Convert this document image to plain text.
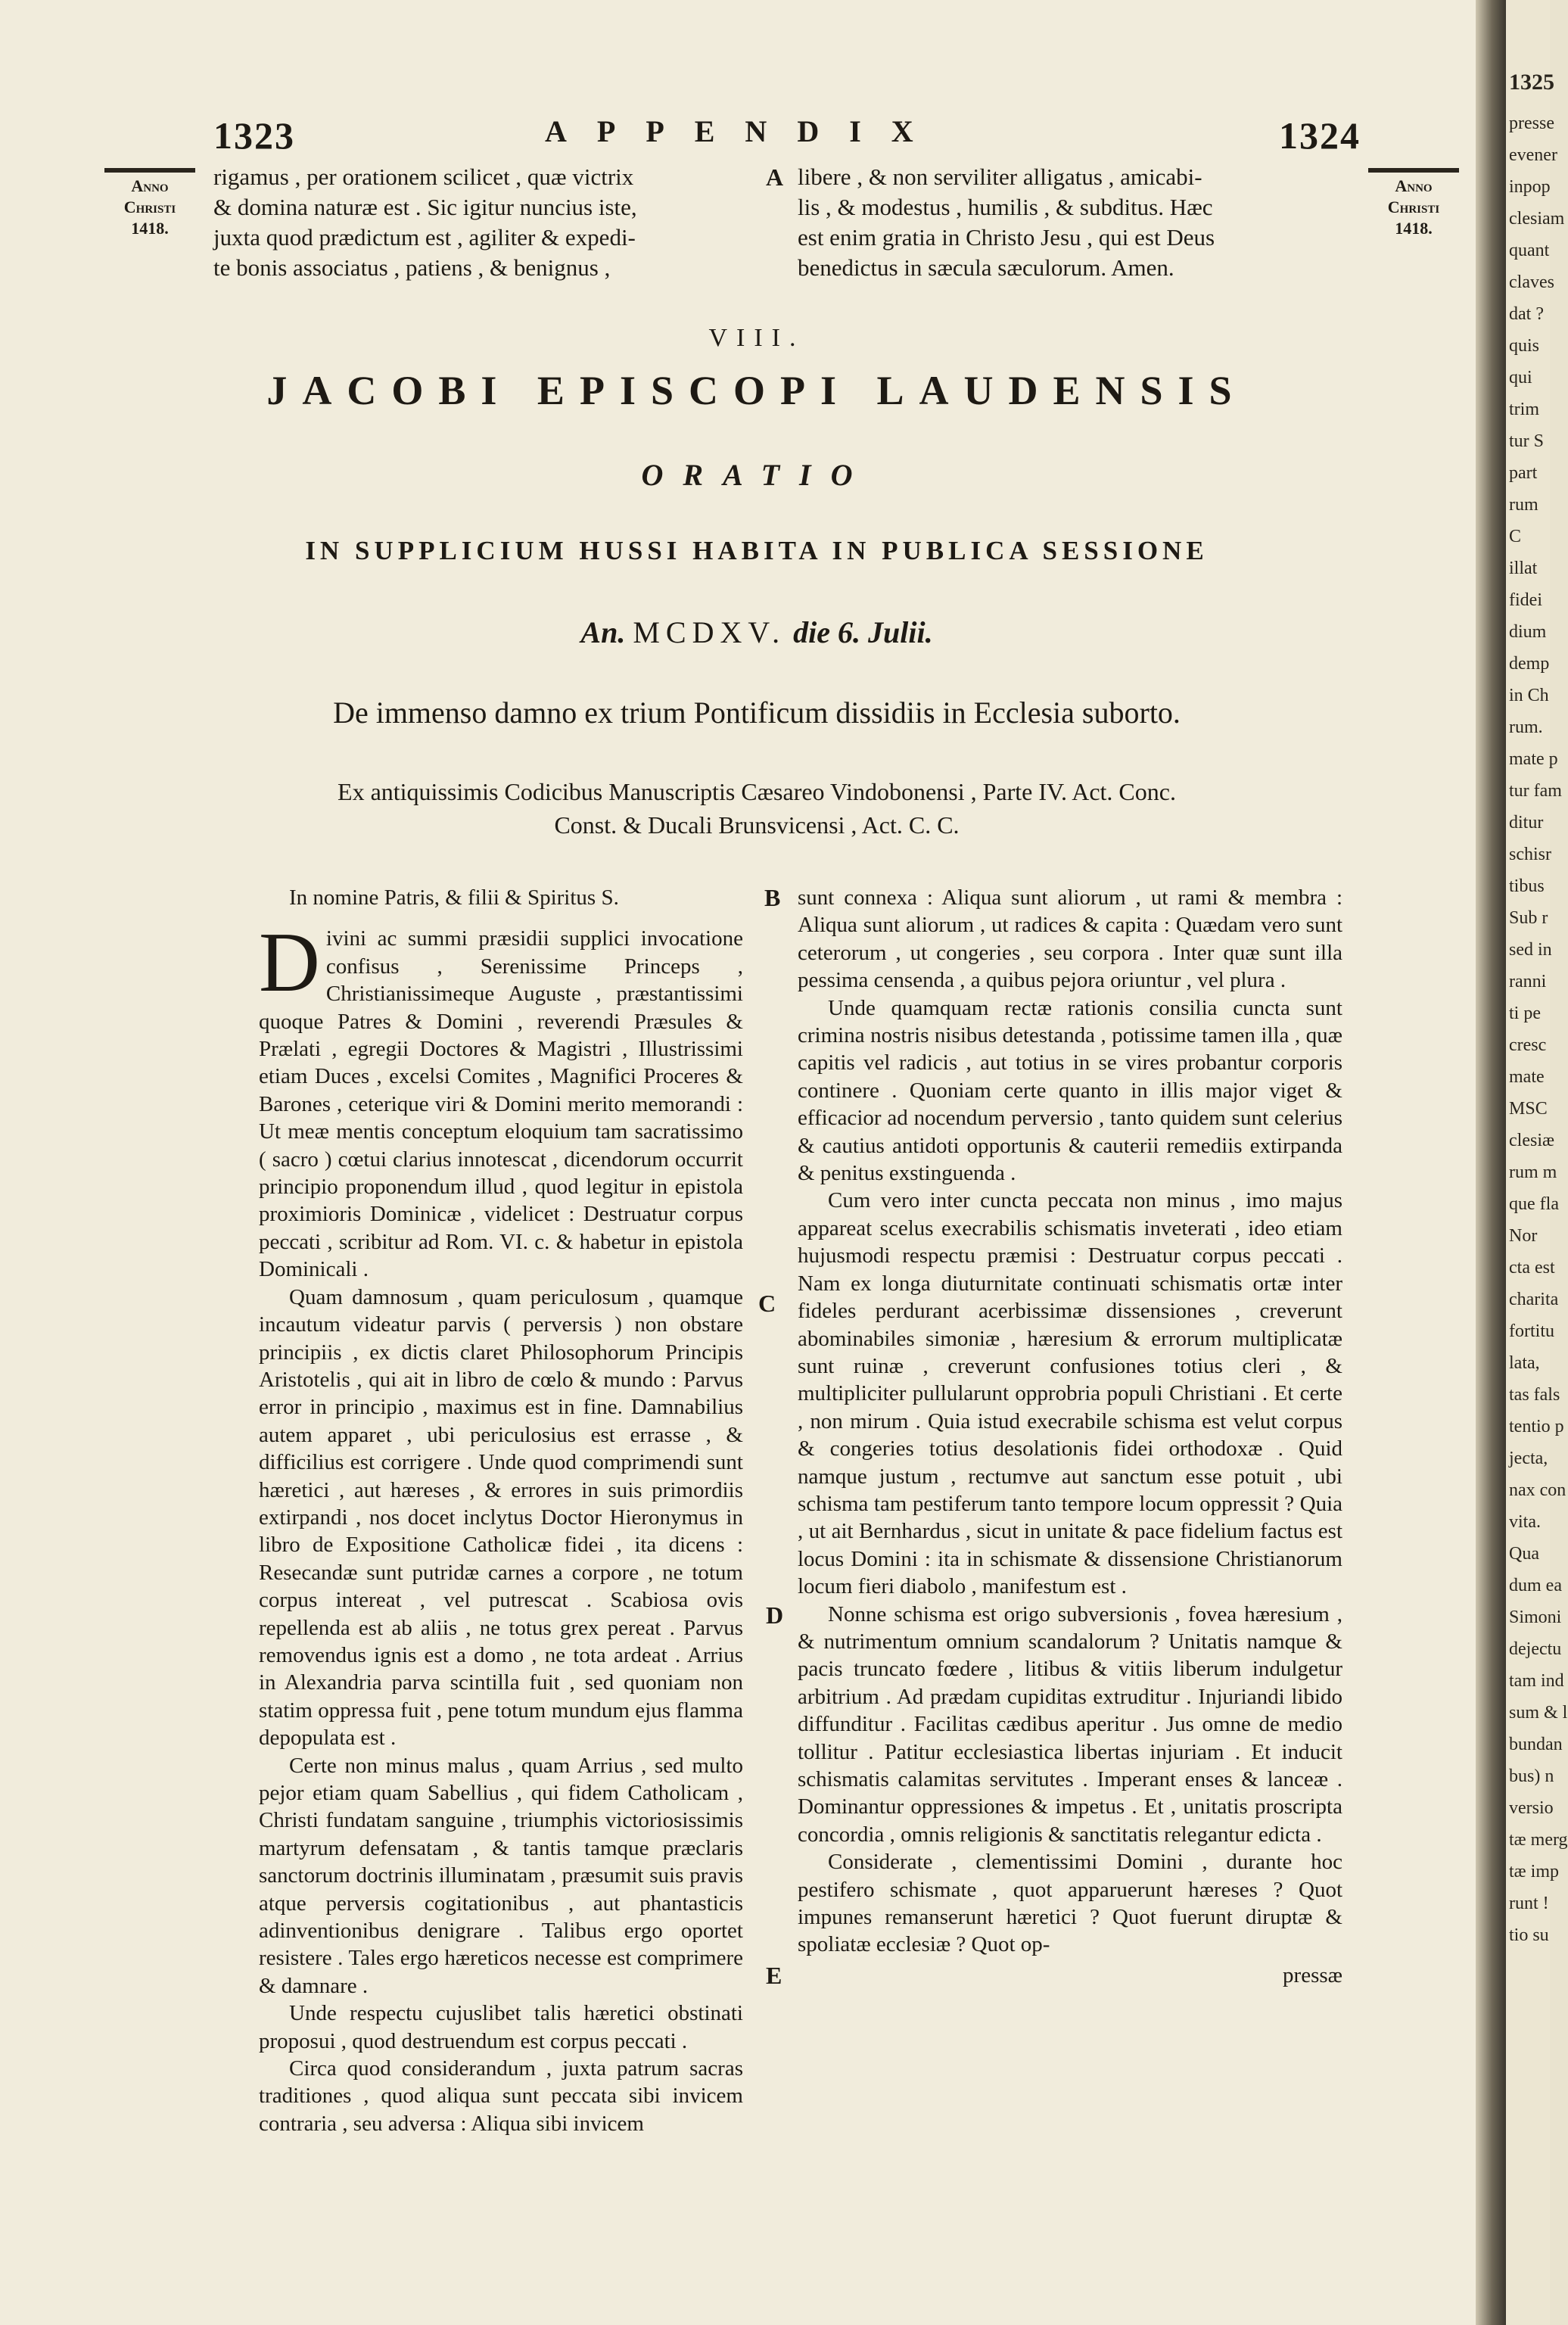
1323	APPENDIX	1324
Anno
Christi
1418.
Anno
Christi
1418.

rigamus , per orationem scilicet , quæ victrix

& domina naturæ est . Sic igitur nuncius iste,

juxta quod prædictum est , agiliter & expedi-

te bonis associatus , patiens , & benignus ,

A libere , & non serviliter alligatus , amicabi-

lis , & modestus , humilis , & subditus. Hæc

est enim gratia in Christo Jesu , qui est Deus

benedictus in sæcula sæculorum. Amen.

VIII.
JACOBI EPISCOPI LAUDENSIS
ORATIO
IN SUPPLICIUM HUSSI HABITA IN PUBLICA SESSIONE
An. MCDXV. die 6. Julii.
De immenso damno ex trium Pontificum dissidiis in Ecclesia suborto.
Ex antiquissimis Codicibus Manuscriptis Cæsareo Vindobonensi , Parte IV. Act. Conc.
Const. & Ducali Brunsvicensi , Act. C. C.

In nomine Patris, & filii & Spiritus S.

Divini ac summi præsidii supplici invocatione confisus , Serenissime Princeps , Christianissimeque Auguste , præstantissimi quoque Patres & Domini , reverendi Præsules & Prælati , egregii Doctores & Magistri , Illustrissimi etiam Duces , excelsi Comites , Magnifici Proceres & Barones , ceterique viri & Domini merito memorandi : Ut meæ mentis conceptum eloquium tam sacratissimo ( sacro ) cœtui clarius innotescat , dicendorum occurrit principio proponendum illud , quod legitur in epistola proximioris Dominicæ , videlicet : Destruatur corpus peccati , scribitur ad Rom. VI. c. & habetur in epistola Dominicali .

Quam damnosum , quam periculosum , quamque incautum videatur parvis ( perversis ) non obstare principiis , ex dictis claret Philosophorum Principis Aristotelis , qui ait in libro de cœlo & mundo : Parvus error in principio , maximus est in fine. Damnabilius autem apparet , ubi periculosius est errasse , & difficilius est corrigere . Unde quod comprimendi sunt hæretici , aut hæreses , & errores in suis primordiis extirpandi , nos docet inclytus Doctor Hieronymus in libro de Expositione Catholicæ fidei , ita dicens : Resecandæ sunt putridæ carnes a corpore , ne totum corpus intereat , vel putrescat . Scabiosa ovis repellenda est ab aliis , ne totus grex pereat . Parvus removendus ignis est a domo , ne tota ardeat . Arrius in Alexandria parva scintilla fuit , sed quoniam non statim oppressa fuit , pene totum mundum ejus flamma depopulata est .

Certe non minus malus , quam Arrius , sed multo pejor etiam quam Sabellius , qui fidem Catholicam , Christi fundatam sanguine , triumphis victoriosissimis martyrum defensatam , & tantis tamque præclaris sanctorum doctrinis illuminatam , præsumit suis pravis atque perversis cogitationibus , aut phantasticis adinventionibus denigrare . Talibus ergo oportet resistere . Tales ergo hæreticos necesse est comprimere & damnare .

Unde respectu cujuslibet talis hæretici obstinati proposui , quod destruendum est corpus peccati .

Circa quod considerandum , juxta patrum sacras traditiones , quod aliqua sunt peccata sibi invicem contraria , seu adversa : Aliqua sibi invicem

B
C
D
E

sunt connexa : Aliqua sunt aliorum , ut rami & membra : Aliqua sunt aliorum , ut radices & capita : Quædam vero sunt ceterorum , ut congeries , seu corpora . Inter quæ sunt illa pessima censenda , a quibus pejora oriuntur , vel plura .

Unde quamquam rectæ rationis consilia cuncta sunt crimina nostris nisibus detestanda , potissime tamen illa , quæ capitis vel radicis , aut totius in se vires probantur corporis continere . Quoniam certe quanto in illis major viget & efficacior ad nocendum perversio , tanto quidem sunt celerius & cautius antidoti opportunis & cauterii remediis extirpanda & penitus exstinguenda .

Cum vero inter cuncta peccata non minus , imo majus appareat scelus execrabilis schismatis inveterati , ideo etiam hujusmodi respectu præmisi : Destruatur corpus peccati . Nam ex longa diuturnitate continuati schismatis ortæ inter fideles perdurant acerbissimæ dissensiones , creverunt abominabiles simoniæ , hæresium & errorum multiplicatæ sunt ruinæ , creverunt confusiones totius cleri , & multipliciter pullularunt opprobria populi Christiani . Et certe , non mirum . Quia istud execrabile schisma est velut corpus & congeries totius desolationis fidei orthodoxæ . Quid namque justum , rectumve aut sanctum esse potuit , ubi schisma tam pestiferum tanto tempore locum oppressit ? Quia , ut ait Bernhardus , sicut in unitate & pace fidelium factus est locus Domini : ita in schismate & dissensione Christianorum locum fieri diabolo , manifestum est .

Nonne schisma est origo subversionis , fovea hæresium , & nutrimentum omnium scandalorum ? Unitatis namque & pacis truncato fœdere , litibus & vitiis liberum indulgetur arbitrium . Ad prædam cupiditas extruditur . Injuriandi libido diffunditur . Facilitas cædibus aperitur . Jus omne de medio tollitur . Patitur ecclesiastica libertas injuriam . Et inducit schismatis calamitas servitutes . Imperant enses & lanceæ . Dominantur oppressiones & impetus . Et , unitatis proscripta concordia , omnis religionis & sanctitatis relegantur edicta .

Considerate , clementissimi Domini , durante hoc pestifero schismate , quot apparuerunt hæreses ? Quot impunes remanserunt hæretici ? Quot fuerunt diruptæ & spoliatæ ecclesiæ ? Quot op-

pressæ
1325
presse
evener
inpop
clesiam
quant
claves
dat ?
quis
qui
trim
tur S
part
rum
C
illat
fidei
dium
demp
in Ch
rum.
mate p
tur fam
ditur
schisr
tibus
Sub r
sed in
ranni
ti pe
cresc
mate
MSC
clesiæ
rum m
que fla
Nor
cta est
charita
fortitu
lata,
tas fals
tentio p
jecta,
nax con
vita.
Qua
dum ea
Simoni
dejectu
tam ind
sum & l
bundan
bus) n
versio
tæ merg
tæ imp
runt !
tio su
